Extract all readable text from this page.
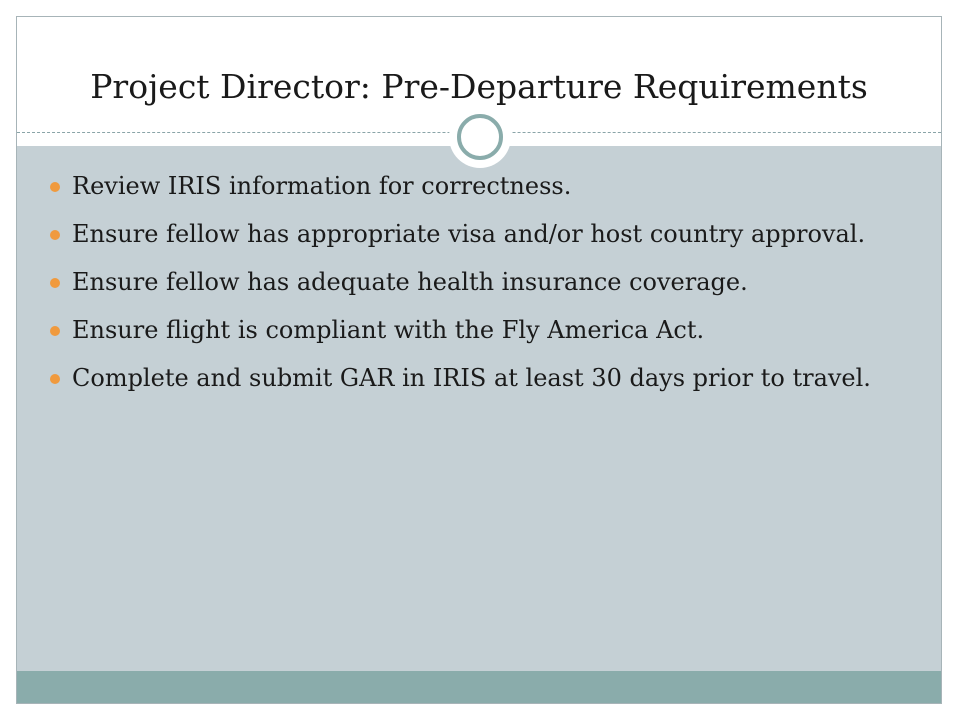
Project Director: Pre-Departure Requirements
Review IRIS information for correctness.
Ensure fellow has appropriate visa and/or host country approval.
Ensure fellow has adequate health insurance coverage.
Ensure flight is compliant with the Fly America Act.
Complete and submit GAR in IRIS at least 30 days prior to travel.
